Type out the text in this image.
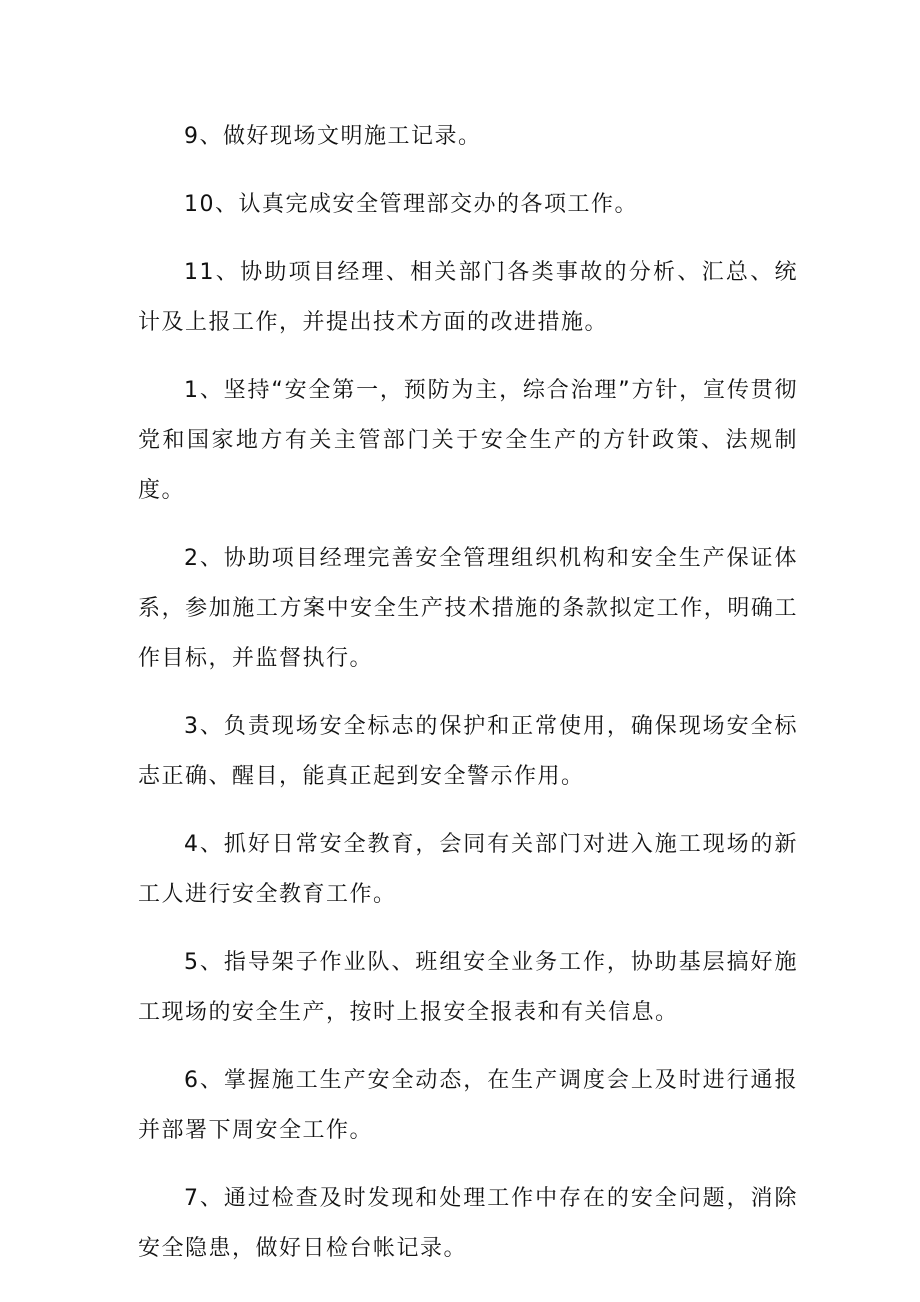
9、做好现场文明施工记录。

10、认真完成安全管理部交办的各项工作。

11、协助项目经理、相关部门各类事故的分析、汇总、统计及上报工作，并提出技术方面的改进措施。

1、坚持“安全第一，预防为主，综合治理”方针，宣传贯彻党和国家地方有关主管部门关于安全生产的方针政策、法规制度。

2、协助项目经理完善安全管理组织机构和安全生产保证体系，参加施工方案中安全生产技术措施的条款拟定工作，明确工作目标，并监督执行。

3、负责现场安全标志的保护和正常使用，确保现场安全标志正确、醒目，能真正起到安全警示作用。

4、抓好日常安全教育，会同有关部门对进入施工现场的新工人进行安全教育工作。

5、指导架子作业队、班组安全业务工作，协助基层搞好施工现场的安全生产，按时上报安全报表和有关信息。

6、掌握施工生产安全动态，在生产调度会上及时进行通报并部署下周安全工作。

7、通过检查及时发现和处理工作中存在的安全问题，消除安全隐患，做好日检台帐记录。
